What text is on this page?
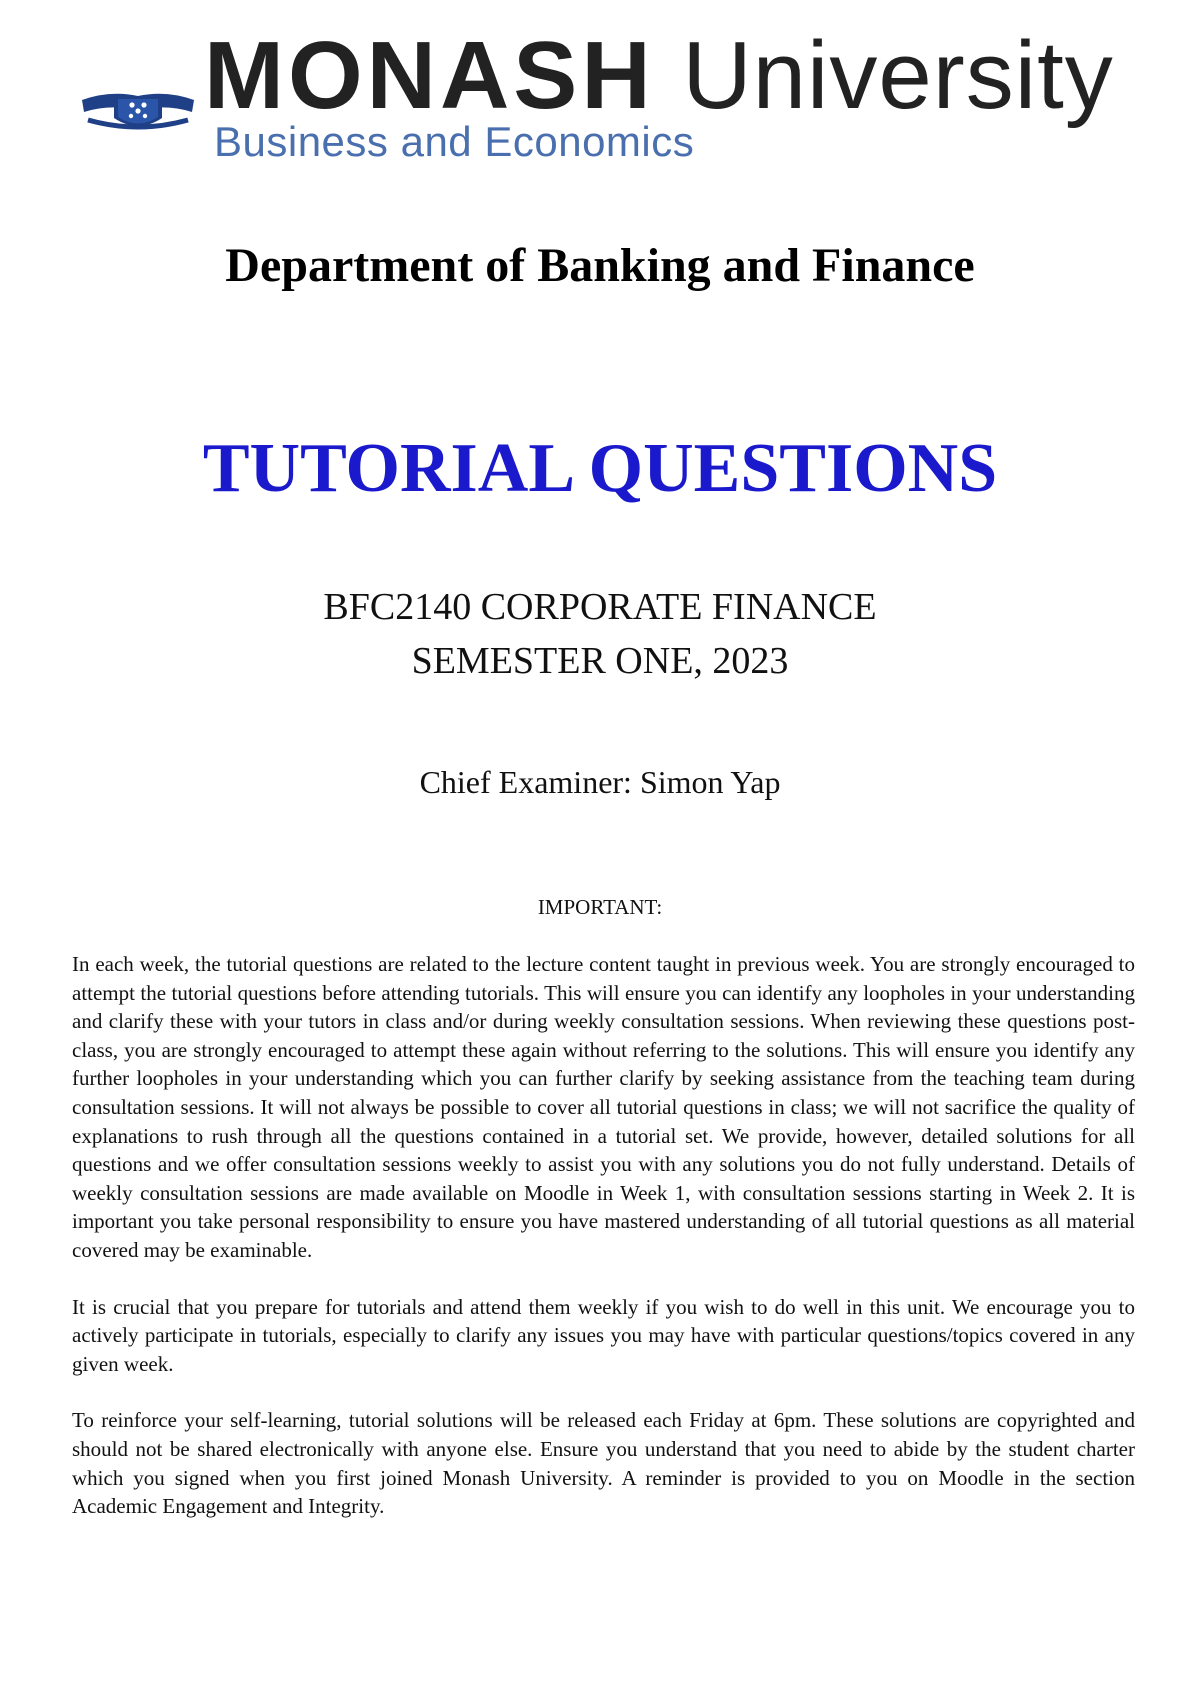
MONASH University
Business and Economics
Department of Banking and Finance
TUTORIAL QUESTIONS
BFC2140 CORPORATE FINANCE
SEMESTER ONE, 2023
Chief Examiner: Simon Yap
IMPORTANT:

In each week, the tutorial questions are related to the lecture content taught in previous week. You are strongly encouraged to attempt the tutorial questions before attending tutorials. This will ensure you can identify any loopholes in your understanding and clarify these with your tutors in class and/or during weekly consultation sessions. When reviewing these questions post-class, you are strongly encouraged to attempt these again without referring to the solutions. This will ensure you identify any further loopholes in your understanding which you can further clarify by seeking assistance from the teaching team during consultation sessions. It will not always be possible to cover all tutorial questions in class; we will not sacrifice the quality of explanations to rush through all the questions contained in a tutorial set. We provide, however, detailed solutions for all questions and we offer consultation sessions weekly to assist you with any solutions you do not fully understand. Details of weekly consultation sessions are made available on Moodle in Week 1, with consultation sessions starting in Week 2. It is important you take personal responsibility to ensure you have mastered understanding of all tutorial questions as all material covered may be examinable.

It is crucial that you prepare for tutorials and attend them weekly if you wish to do well in this unit. We encourage you to actively participate in tutorials, especially to clarify any issues you may have with particular questions/topics covered in any given week.

To reinforce your self-learning, tutorial solutions will be released each Friday at 6pm. These solutions are copyrighted and should not be shared electronically with anyone else. Ensure you understand that you need to abide by the student charter which you signed when you first joined Monash University. A reminder is provided to you on Moodle in the section Academic Engagement and Integrity.
